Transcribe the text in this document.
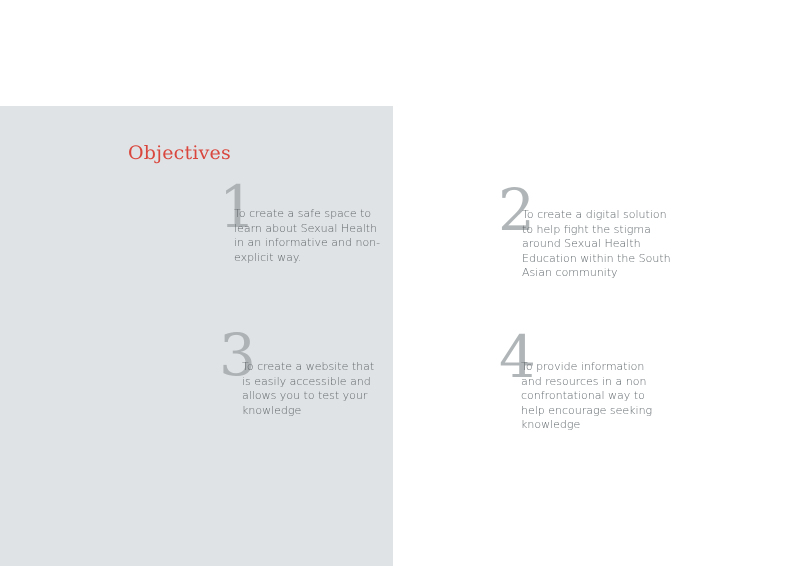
Objectives
1

To create a safe space to
learn about Sexual Health
in an informative and non-
explicit way.

2

To create a digital solution
to help fight the stigma
around Sexual Health
Education within the South
Asian community

3

To create a website that
is easily accessible and
allows you to test your
knowledge

4

To provide information
and resources in a non
confrontational way to
help encourage seeking
knowledge
